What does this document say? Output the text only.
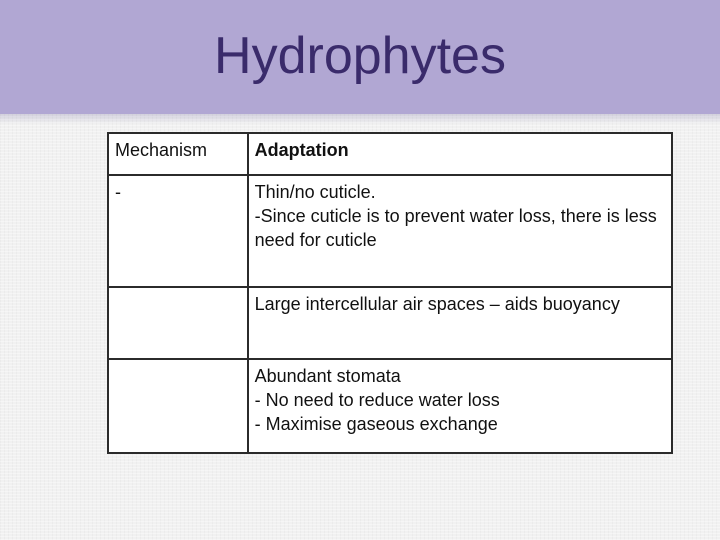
Hydrophytes
Mechanism	Adaptation
-	Thin/no cuticle.
-Since cuticle is to prevent water loss, there is less need for cuticle

	Large intercellular air spaces – aids buoyancy

	Abundant stomata
- No need to reduce water loss
- Maximise gaseous exchange
